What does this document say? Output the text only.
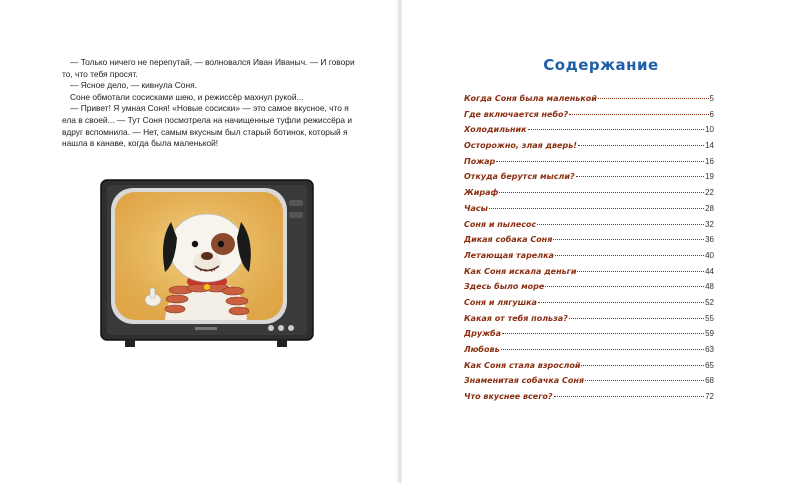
— Только ничего не перепутай, — волновался Иван Иваныч. — И говори то, что тебя просят.

— Ясное дело, — кивнула Соня.

Соне обмотали сосисками шею, и режиссёр махнул рукой...

— Привет! Я умная Соня! «Новые сосиски» — это самое вкусное, что я ела в своей... — Тут Соня посмотрела на начищенные туфли режиссёра и вдруг вспомнила. — Нет, самым вкусным был старый ботинок, который я нашла в канаве, когда была маленькой!

Содержание
Когда Соня была маленькой	5
Где включается небо?	6
Холодильник	10
Осторожно, злая дверь!	14
Пожар	16
Откуда берутся мысли?	19
Жираф	22
Часы	28
Соня и пылесос	32
Дикая собака Соня	36
Летающая тарелка	40
Как Соня искала деньги	44
Здесь было море	48
Соня и лягушка	52
Какая от тебя польза?	55
Дружба	59
Любовь	63
Как Соня стала взрослой	65
Знаменитая собачка Соня	68
Что вкуснее всего?	72
